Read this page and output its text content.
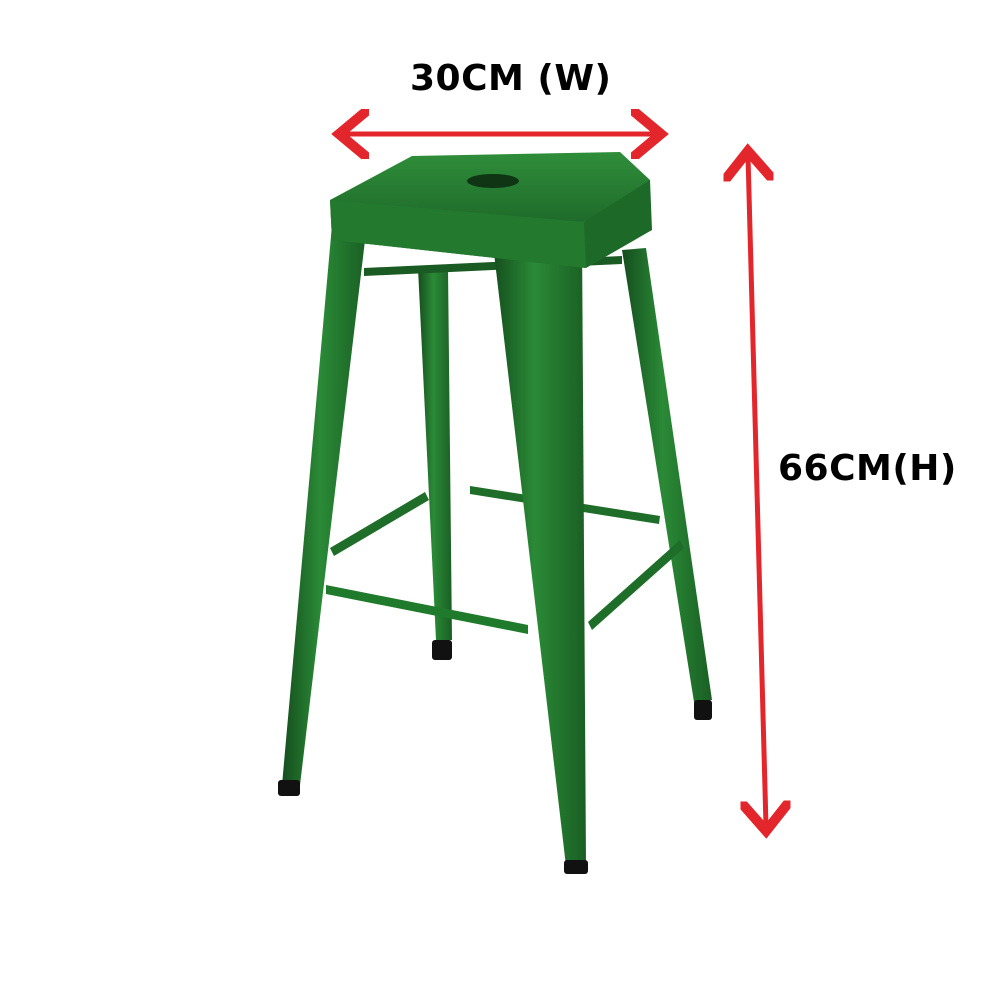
30CM (W)
66CM(H)
